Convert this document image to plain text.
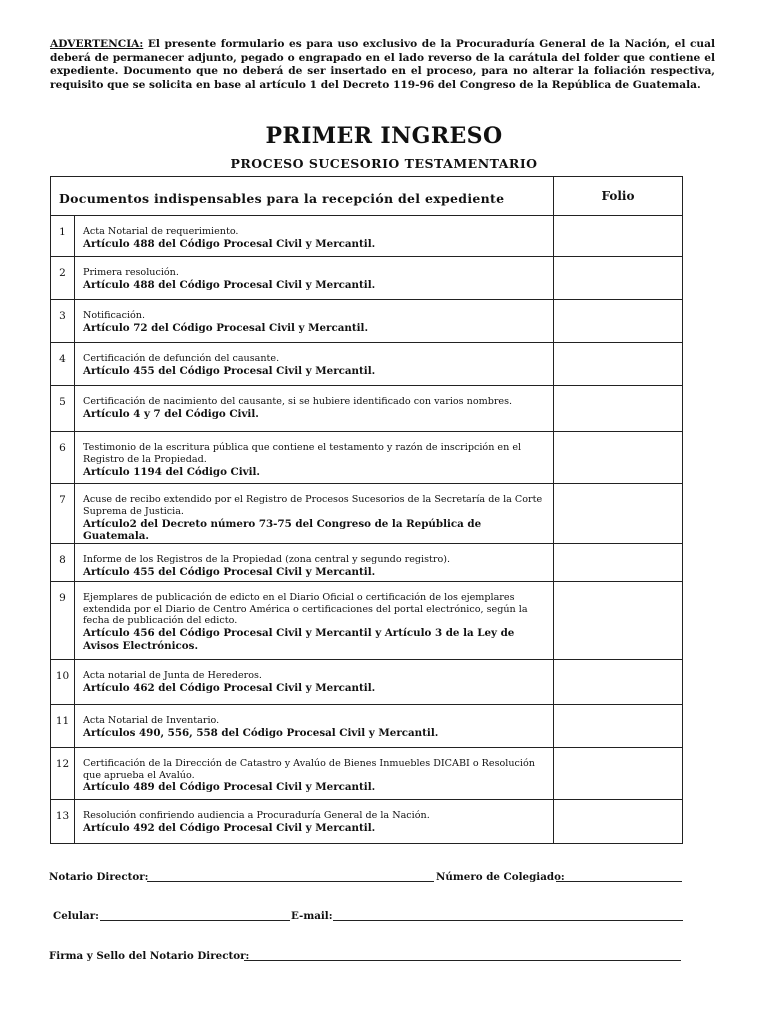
ADVERTENCIA: El presente formulario es para uso exclusivo de la Procuraduría General de la Nación, el cual deberá de permanecer adjunto, pegado o engrapado en el lado reverso de la carátula del folder que contiene el expediente. Documento que no deberá de ser insertado en el proceso, para no alterar la foliación respectiva, requisito que se solicita en base al artículo 1 del Decreto 119-96 del Congreso de la República de Guatemala.
PRIMER INGRESO
PROCESO SUCESORIO TESTAMENTARIO
Documentos indispensables para la recepción del expediente		Folio
1	Acta Notarial de requerimiento.
Artículo 488 del Código Procesal Civil y Mercantil.	

2	Primera resolución.
Artículo 488 del Código Procesal Civil y Mercantil.	

3	Notificación.
Artículo 72 del Código Procesal Civil y Mercantil.	

4	Certificación de defunción del causante.
Artículo 455 del Código Procesal Civil y Mercantil.	

5	Certificación de nacimiento del causante, si se hubiere identificado con varios nombres.
Artículo 4 y 7 del Código Civil.	

6	Testimonio de la escritura pública que contiene el testamento y razón de inscripción en el Registro de la Propiedad.
Artículo 1194 del Código Civil.	

7	Acuse de recibo extendido por el Registro de Procesos Sucesorios de la Secretaría de la Corte Suprema de Justicia.
Artículo2 del Decreto número 73-75 del Congreso de la República de Guatemala.	

8	Informe de los Registros de la Propiedad (zona central y segundo registro).
Artículo 455 del Código Procesal Civil y Mercantil.	

9	Ejemplares de publicación de edicto en el Diario Oficial o certificación de los ejemplares extendida por el Diario de Centro América o certificaciones del portal electrónico, según la fecha de publicación del edicto.
Artículo 456 del Código Procesal Civil y Mercantil y Artículo 3 de la Ley de Avisos Electrónicos.	

10	Acta notarial de Junta de Herederos.
Artículo 462 del Código Procesal Civil y Mercantil.	

11	Acta Notarial de Inventario.
Artículos 490, 556, 558 del Código Procesal Civil y Mercantil.	

12	Certificación de la Dirección de Catastro y Avalúo de Bienes Inmuebles DICABI o Resolución que aprueba el Avalúo.
Artículo 489 del Código Procesal Civil y Mercantil.	

13	Resolución confiriendo audiencia a Procuraduría General de la Nación.
Artículo 492 del Código Procesal Civil y Mercantil.	

Notario Director:	Número de Colegiado:
Celular:	E-mail:
Firma y Sello del Notario Director:
